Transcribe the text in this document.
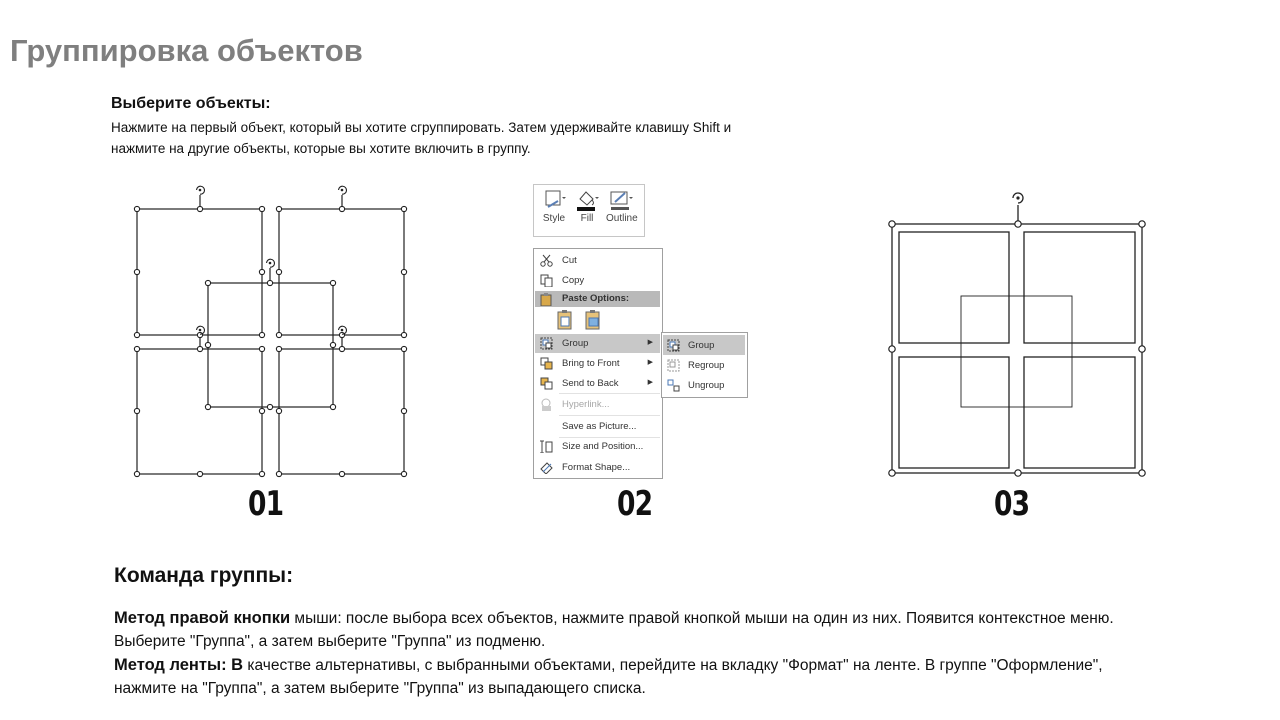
Группировка объектов
Выберите объекты:
Нажмите на первый объект, который вы хотите сгруппировать. Затем удерживайте клавишу Shift и нажмите на другие объекты, которые вы хотите включить в группу.
Style	Fill	Outline
Cut
Copy
Paste Options:
Group	▶
Bring to Front	▶
Send to Back	▶
Hyperlink...
Save as Picture...
Size and Position...
Format Shape...
Group
Regroup
Ungroup
01	02	03
Команда группы:
Метод правой кнопки мыши: после выбора всех объектов, нажмите правой кнопкой мыши на один из них. Появится контекстное меню. Выберите "Группа", а затем выберите "Группа" из подменю.
Метод ленты: В качестве альтернативы, с выбранными объектами, перейдите на вкладку "Формат" на ленте. В группе "Оформление", нажмите на "Группа", а затем выберите "Группа" из выпадающего списка.
